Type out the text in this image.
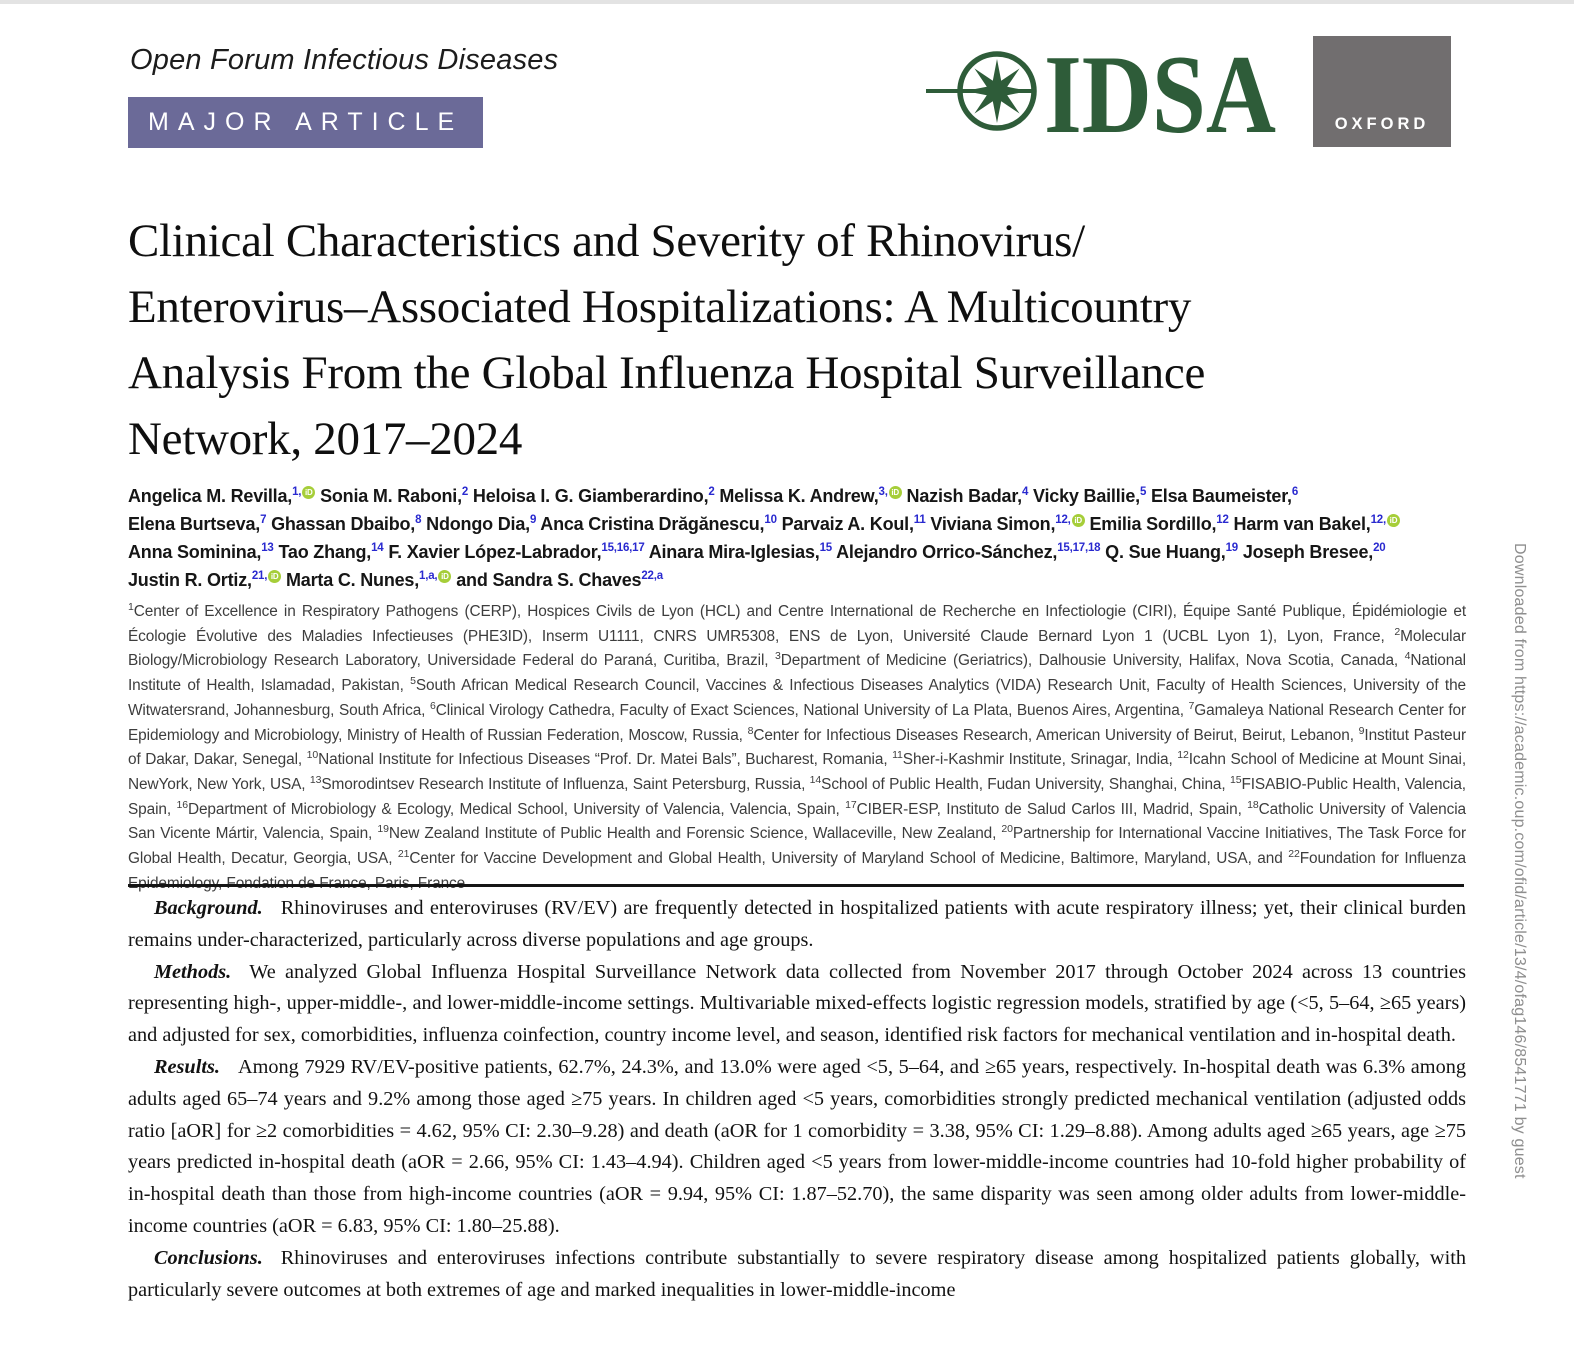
Open Forum Infectious Diseases
MAJOR ARTICLE	IDSA	OXFORD
Clinical Characteristics and Severity of Rhinovirus/
Enterovirus–Associated Hospitalizations: A Multicountry
Analysis From the Global Influenza Hospital Surveillance
Network, 2017–2024
Angelica M. Revilla,$^{1,}$ iD Sonia M. Raboni,$^2$ Heloisa I. G. Giamberardino,$^2$ Melissa K. Andrew,$^{3,}$ iD Nazish Badar,$^4$ Vicky Baillie,$^5$ Elsa Baumeister,$^6$
Elena Burtseva,$^7$ Ghassan Dbaibo,$^8$ Ndongo Dia,$^9$ Anca Cristina Drăgănescu,$^{10}$ Parvaiz A. Koul,$^{11}$ Viviana Simon,$^{12,}$ iD Emilia Sordillo,$^{12}$ Harm van Bakel,$^{12,}$ iD
Anna Sominina,$^{13}$ Tao Zhang,$^{14}$ F. Xavier López-Labrador,$^{15,16,17}$ Ainara Mira-Iglesias,$^{15}$ Alejandro Orrico-Sánchez,$^{15,17,18}$ Q. Sue Huang,$^{19}$ Joseph Bresee,$^{20}$
Justin R. Ortiz,$^{21,}$ iD Marta C. Nunes,$^{1,a,}$ iD and Sandra S. Chaves$^{22,a}$
$^1$Center of Excellence in Respiratory Pathogens (CERP), Hospices Civils de Lyon (HCL) and Centre International de Recherche en Infectiologie (CIRI), Équipe Santé Publique, Épidémiologie et Écologie Évolutive des Maladies Infectieuses (PHE3ID), Inserm U1111, CNRS UMR5308, ENS de Lyon, Université Claude Bernard Lyon 1 (UCBL Lyon 1), Lyon, France, $^2$Molecular Biology/Microbiology Research Laboratory, Universidade Federal do Paraná, Curitiba, Brazil, $^3$Department of Medicine (Geriatrics), Dalhousie University, Halifax, Nova Scotia, Canada, $^4$National Institute of Health, Islamadad, Pakistan, $^5$South African Medical Research Council, Vaccines & Infectious Diseases Analytics (VIDA) Research Unit, Faculty of Health Sciences, University of the Witwatersrand, Johannesburg, South Africa, $^6$Clinical Virology Cathedra, Faculty of Exact Sciences, National University of La Plata, Buenos Aires, Argentina, $^7$Gamaleya National Research Center for Epidemiology and Microbiology, Ministry of Health of Russian Federation, Moscow, Russia, $^8$Center for Infectious Diseases Research, American University of Beirut, Beirut, Lebanon, $^9$Institut Pasteur of Dakar, Dakar, Senegal, $^{10}$National Institute for Infectious Diseases “Prof. Dr. Matei Bals”, Bucharest, Romania, $^{11}$Sher-i-Kashmir Institute, Srinagar, India, $^{12}$Icahn School of Medicine at Mount Sinai, NewYork, New York, USA, $^{13}$Smorodintsev Research Institute of Influenza, Saint Petersburg, Russia, $^{14}$School of Public Health, Fudan University, Shanghai, China, $^{15}$FISABIO-Public Health, Valencia, Spain, $^{16}$Department of Microbiology & Ecology, Medical School, University of Valencia, Valencia, Spain, $^{17}$CIBER-ESP, Instituto de Salud Carlos III, Madrid, Spain, $^{18}$Catholic University of Valencia San Vicente Mártir, Valencia, Spain, $^{19}$New Zealand Institute of Public Health and Forensic Science, Wallaceville, New Zealand, $^{20}$Partnership for International Vaccine Initiatives, The Task Force for Global Health, Decatur, Georgia, USA, $^{21}$Center for Vaccine Development and Global Health, University of Maryland School of Medicine, Baltimore, Maryland, USA, and $^{22}$Foundation for Influenza

Background. Rhinoviruses and enteroviruses (RV/EV) are frequently detected in hospitalized patients with acute respiratory illness; yet, their clinical burden remains under-characterized, particularly across diverse populations and age groups.

Methods. We analyzed Global Influenza Hospital Surveillance Network data collected from November 2017 through October 2024 across 13 countries representing high-, upper-middle-, and lower-middle-income settings. Multivariable mixed-effects logistic regression models, stratified by age (<5, 5–64, ≥65 years) and adjusted for sex, comorbidities, influenza coinfection, country income level, and season, identified risk factors for mechanical ventilation and in-hospital death.

Results. Among 7929 RV/EV-positive patients, 62.7%, 24.3%, and 13.0% were aged <5, 5–64, and ≥65 years, respectively. In-hospital death was 6.3% among adults aged 65–74 years and 9.2% among those aged ≥75 years. In children aged <5 years, comorbidities strongly predicted mechanical ventilation (adjusted odds ratio [aOR] for ≥2 comorbidities = 4.62, 95% CI: 2.30–9.28) and death (aOR for 1 comorbidity = 3.38, 95% CI: 1.29–8.88). Among adults aged ≥65 years, age ≥75 years predicted in-hospital death (aOR = 2.66, 95% CI: 1.43–4.94). Children aged <5 years from lower-middle-income countries had 10-fold higher probability of in-hospital death than those from high-income countries (aOR = 9.94, 95% CI: 1.87–52.70), the same disparity was seen among older adults from lower-middle-income countries (aOR = 6.83, 95% CI: 1.80–25.88).

Conclusions. Rhinoviruses and enteroviruses infections contribute substantially to severe respiratory disease among hospitalized patients globally, with particularly severe outcomes at both extremes of age and marked inequalities in lower-middle-income

Downloaded from https://academic.oup.com/ofid/article/13/4/ofag146/8541771 by guest
